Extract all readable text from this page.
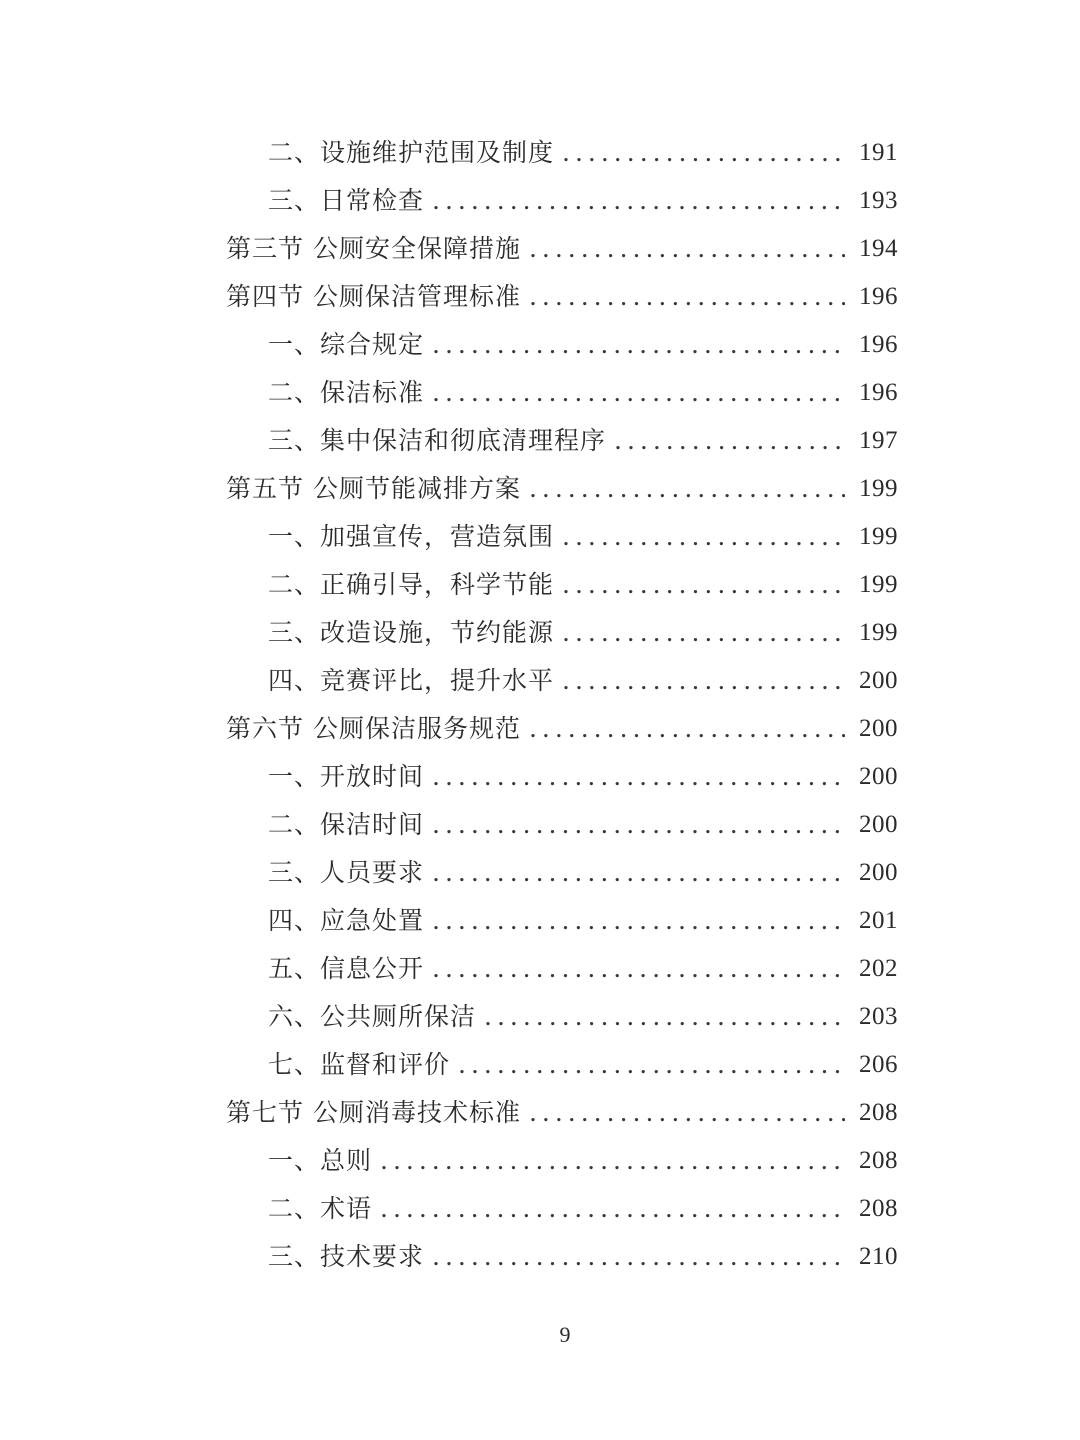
二、设施维护范围及制度 .....	191
三、日常检查 .....	193
第三节 公厕安全保障措施 .....	194
第四节 公厕保洁管理标准 .....	196
一、综合规定 .....	196
二、保洁标准 .....	196
三、集中保洁和彻底清理程序 .....	197
第五节 公厕节能减排方案 .....	199
一、加强宣传，营造氛围 .....	199
二、正确引导，科学节能 .....	199
三、改造设施，节约能源 .....	199
四、竞赛评比，提升水平 .....	200
第六节 公厕保洁服务规范 .....	200
一、开放时间 .....	200
二、保洁时间 .....	200
三、人员要求 .....	200
四、应急处置 .....	201
五、信息公开 .....	202
六、公共厕所保洁 .....	203
七、监督和评价 .....	206
第七节 公厕消毒技术标准 .....	208
一、总则 .....	208
二、术语 .....	208
三、技术要求 .....	210
9
